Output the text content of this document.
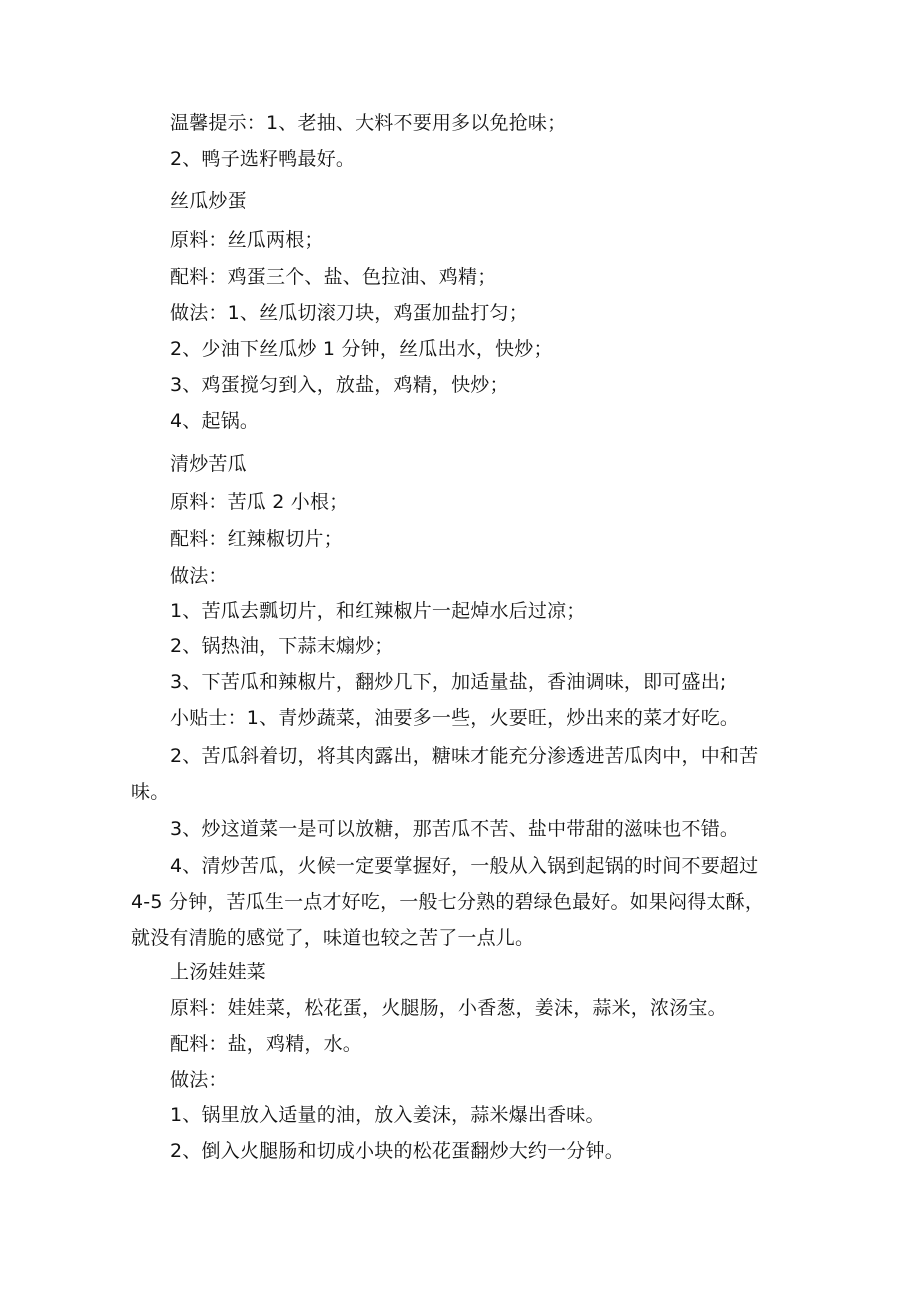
温馨提示：1、老抽、大料不要用多以免抢味；
2、鸭子选籽鸭最好。
丝瓜炒蛋
原料：丝瓜两根；
配料：鸡蛋三个、盐、色拉油、鸡精；
做法：1、丝瓜切滚刀块，鸡蛋加盐打匀；
2、少油下丝瓜炒 1 分钟，丝瓜出水，快炒；
3、鸡蛋搅匀到入，放盐，鸡精，快炒；
4、起锅。
清炒苦瓜
原料：苦瓜 2 小根；
配料：红辣椒切片；
做法：
1、苦瓜去瓢切片，和红辣椒片一起焯水后过凉；
2、锅热油，下蒜末煽炒；
3、下苦瓜和辣椒片，翻炒几下，加适量盐，香油调味，即可盛出;
小贴士：1、青炒蔬菜，油要多一些，火要旺，炒出来的菜才好吃。
2、苦瓜斜着切，将其肉露出，糖味才能充分渗透进苦瓜肉中，中和苦
味。
3、炒这道菜一是可以放糖，那苦瓜不苦、盐中带甜的滋味也不错。
4、清炒苦瓜，火候一定要掌握好，一般从入锅到起锅的时间不要超过
4-5 分钟，苦瓜生一点才好吃，一般七分熟的碧绿色最好。如果闷得太酥，
就没有清脆的感觉了，味道也较之苦了一点儿。
上汤娃娃菜
原料：娃娃菜，松花蛋，火腿肠，小香葱，姜沫，蒜米，浓汤宝。
配料：盐，鸡精，水。
做法：
1、锅里放入适量的油，放入姜沫，蒜米爆出香味。
2、倒入火腿肠和切成小块的松花蛋翻炒大约一分钟。
